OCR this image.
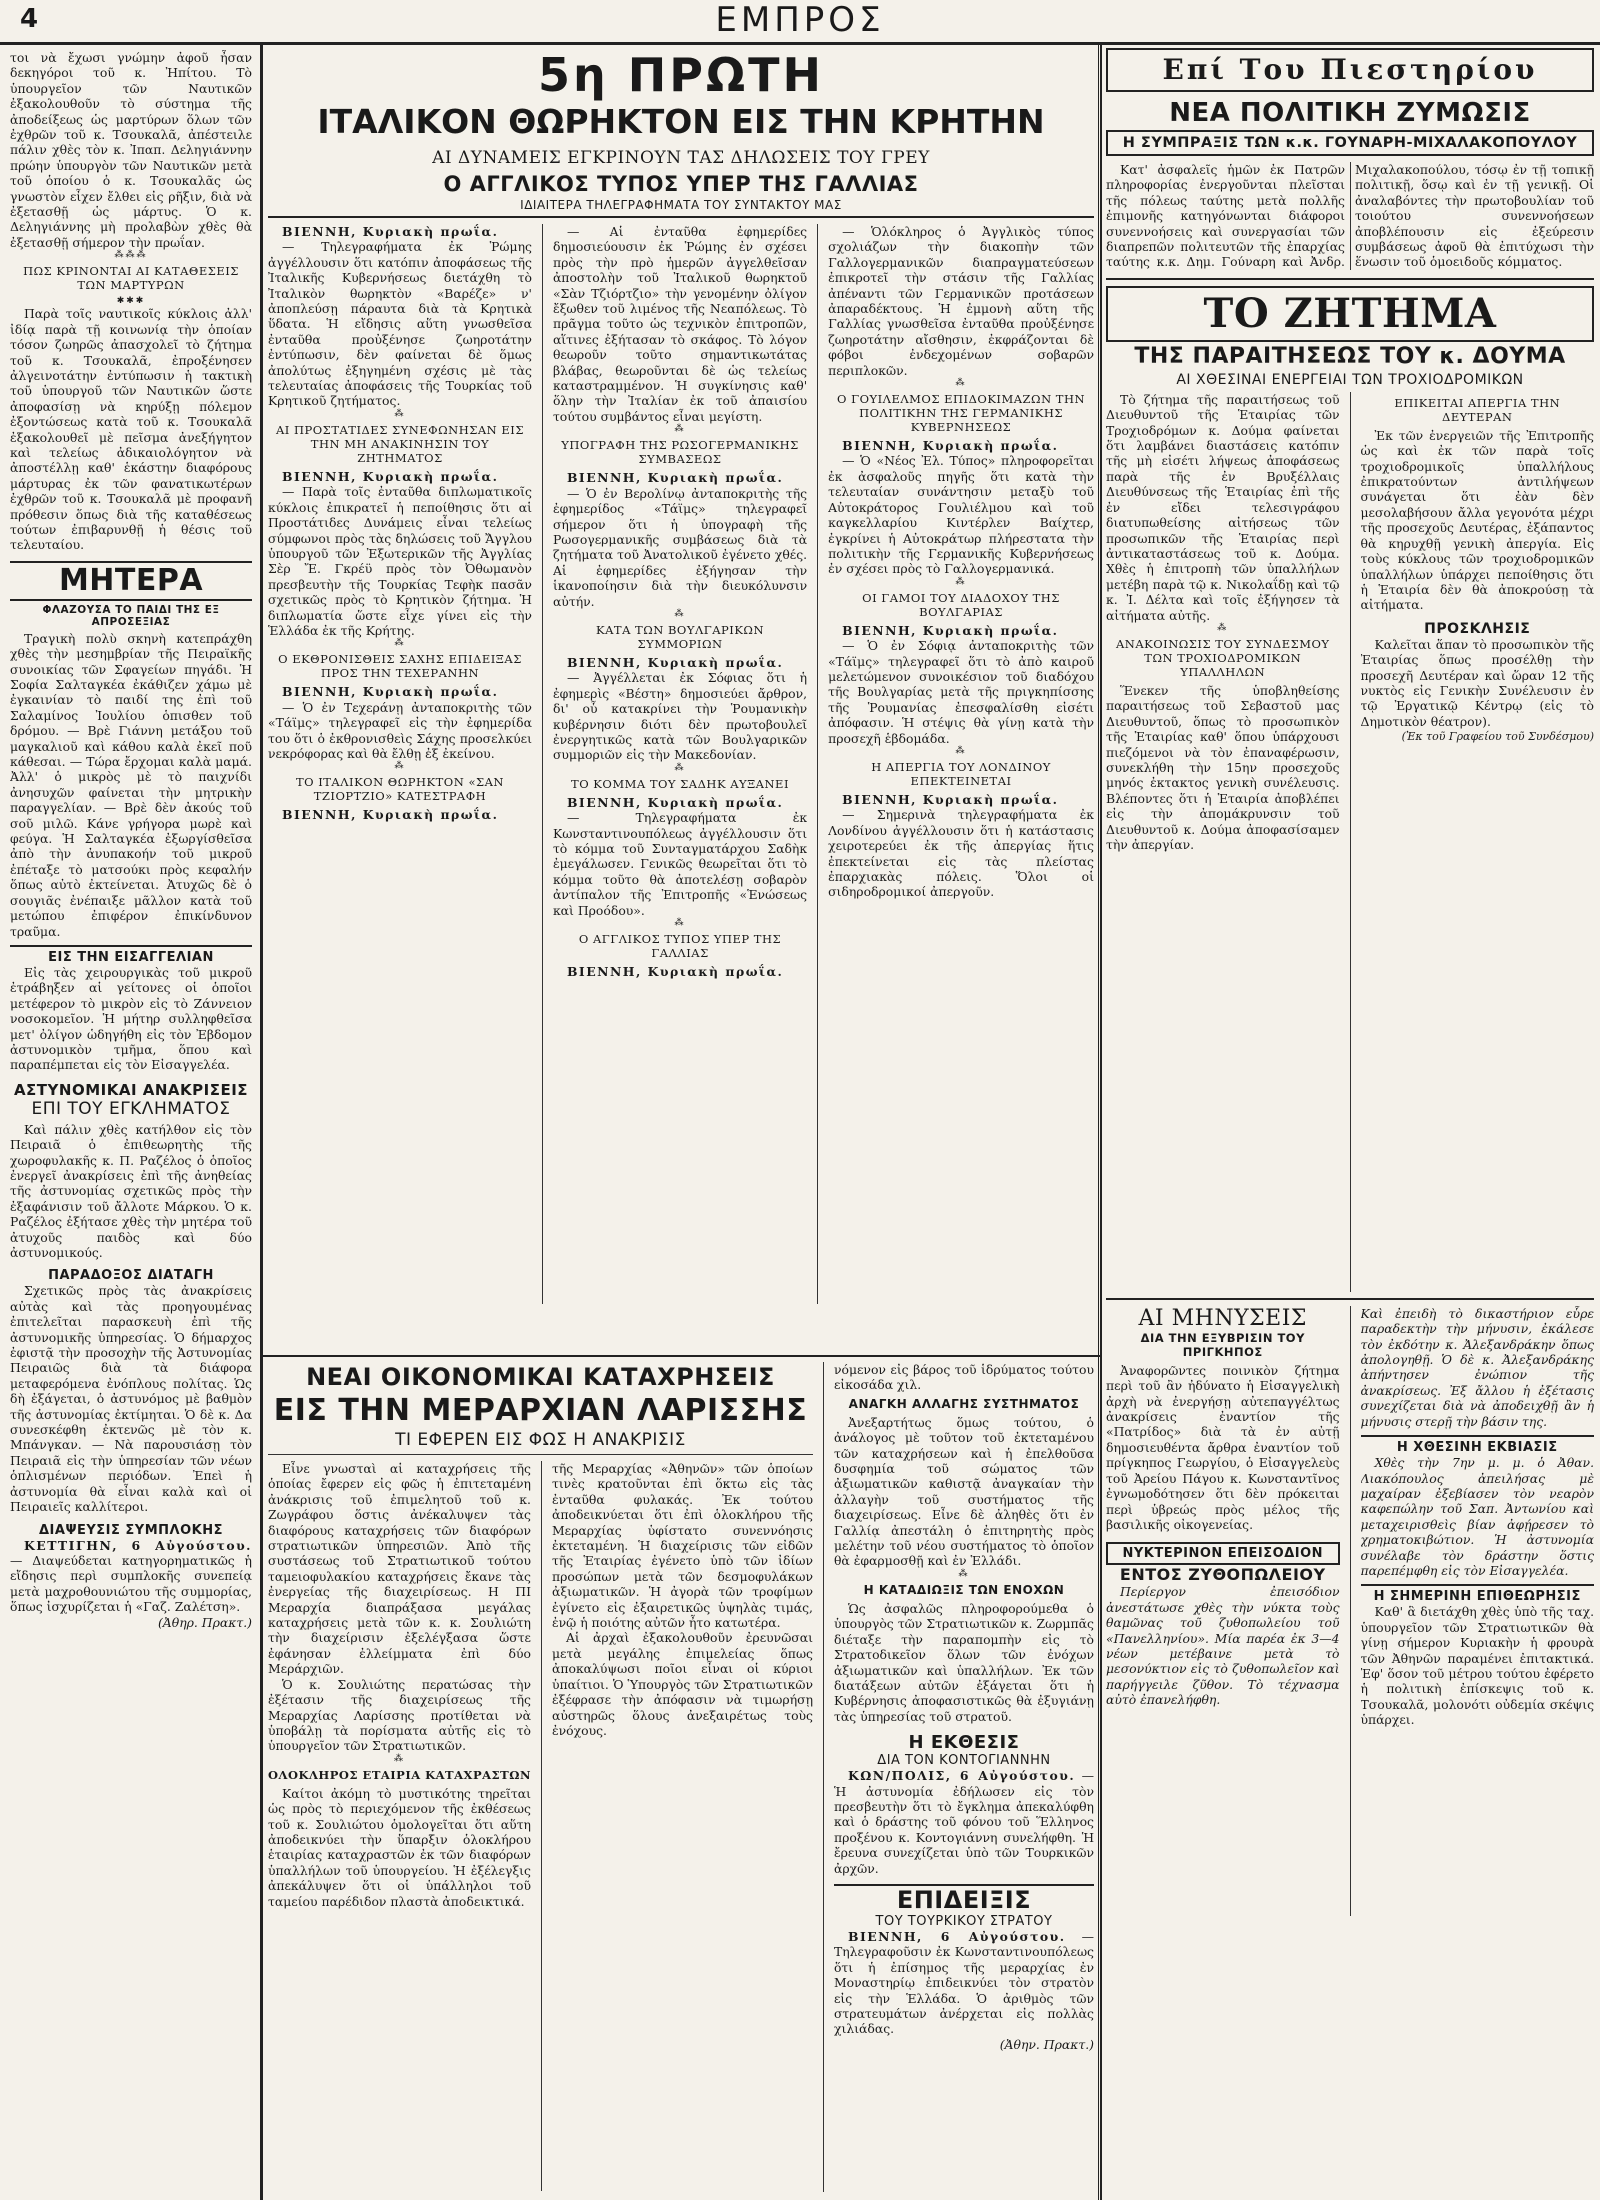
4	ΕΜΠΡΟΣ

τοι νὰ ἔχωσι γνώμην ἀφοῦ ἦσαν δεκηγόροι τοῦ κ. Ἠπίτου. Τὸ ὑπουργεῖον τῶν Ναυτικῶν ἐξακολουθοῦν τὸ σύστημα τῆς ἀποδείξεως ὡς μαρτύρων ὅλων τῶν ἐχθρῶν τοῦ κ. Τσουκαλᾶ, ἀπέστειλε πάλιν χθὲς τὸν κ. Ἰπαπ. Δεληγιάννην πρώην ὑπουργὸν τῶν Ναυτικῶν μετὰ τοῦ ὁποίου ὁ κ. Τσουκαλᾶς ὡς γνωστὸν εἶχεν ἔλθει εἰς ρῆξιν, διὰ νὰ ἐξετασθῇ ὡς μάρτυς. Ὁ κ. Δεληγιάννης μὴ προλαβὼν χθὲς θὰ ἐξετασθῇ σήμερον τὴν πρωΐαν.

⁂⁂⁂
ΠΩΣ ΚΡΙΝΟΝΤΑΙ ΑΙ ΚΑΤΑΘΕΣΕΙΣ ΤΩΝ ΜΑΡΤΥΡΩΝ
✱✱✱

Παρὰ τοῖς ναυτικοῖς κύκλοις ἀλλ' ἰδίᾳ παρὰ τῇ κοινωνίᾳ τὴν ὁποίαν τόσον ζωηρῶς ἀπασχολεῖ τὸ ζήτημα τοῦ κ. Τσουκαλᾶ, ἐπροξένησεν ἀλγεινοτάτην ἐντύπωσιν ἡ τακτικὴ τοῦ ὑπουργοῦ τῶν Ναυτικῶν ὥστε ἀποφασίσῃ νὰ κηρύξῃ πόλεμον ἐξοντώσεως κατὰ τοῦ κ. Τσουκαλᾶ ἐξακολουθεῖ μὲ πεῖσμα ἀνεξήγητον καὶ τελείως ἀδικαιολόγητον νὰ ἀποστέλλῃ καθ' ἑκάστην διαφόρους μάρτυρας ἐκ τῶν φανατικωτέρων ἐχθρῶν τοῦ κ. Τσουκαλᾶ μὲ προφανῆ πρόθεσιν ὅπως διὰ τῆς καταθέσεως τούτων ἐπιβαρυνθῇ ἡ θέσις τοῦ τελευταίου.

ΜΗΤΕΡΑ
ΦΛΑΖΟΥΣΑ ΤΟ ΠΑΙΔΙ ΤΗΣ ΕΞ ΑΠΡΟΣΕΞΙΑΣ

Τραγικὴ πολὺ σκηνὴ κατεπράχθη χθὲς τὴν μεσημβρίαν τῆς Πειραϊκῆς συνοικίας τῶν Σφαγείων πηγάδι. Ἡ Σοφία Σαλταγκέα ἐκάθιζεν χάμω μὲ ἐγκαινίαν τὸ παιδί της ἐπὶ τοῦ Σαλαμίνος Ἰουλίου ὁπισθεν τοῦ δρόμου. — Βρὲ Γιάννη μετάξου τοῦ μαγκαλιοῦ καὶ κάθου καλὰ ἐκεῖ ποῦ κάθεσαι. — Τώρα ἔρχομαι καλὰ μαμά. Ἀλλ' ὁ μικρὸς μὲ τὸ παιχνίδι ἀνησυχῶν φαίνεται τὴν μητρικὴν παραγγελίαν. — Βρὲ δὲν ἀκούς τοῦ σοῦ μιλῶ. Κάνε γρήγορα μωρὲ καὶ φεύγα. Ἡ Σαλταγκέα ἐξωργίσθεῖσα ἀπὸ τὴν ἀνυπακοήν τοῦ μικροῦ ἐπέταξε τὸ ματσούκι πρὸς κεφαλήν ὅπως αὐτὸ ἐκτείνεται. Ἀτυχῶς δὲ ὁ σουγιᾶς ἐνέπαιξε μᾶλλον κατὰ τοῦ μετώπου ἐπιφέρον ἐπικίνδυνον τραῦμα.

ΕΙΣ ΤΗΝ ΕΙΣΑΓΓΕΛΙΑΝ

Εἰς τὰς χειρουργικὰς τοῦ μικροῦ ἐτράβηξεν αἱ γείτονες οἱ ὁποῖοι μετέφερον τὸ μικρὸν εἰς τὸ Ζάννειον νοσοκομεῖον. Ἡ μήτηρ συλληφθεῖσα μετ' ὀλίγον ὡδηγήθη εἰς τὸν Ἐβδομον ἀστυνομικὸν τμῆμα, ὅπου καὶ παραπέμπεται εἰς τὸν Εἰσαγγελέα.

ΑΣΤΥΝΟΜΙΚΑΙ ΑΝΑΚΡΙΣΕΙΣ
ΕΠΙ ΤΟΥ ΕΓΚΛΗΜΑΤΟΣ

Καὶ πάλιν χθὲς κατήλθον εἰς τὸν Πειραιᾶ ὁ ἐπιθεωρητὴς τῆς χωροφυλακῆς κ. Π. Ραζέλος ὁ ὁποῖος ἐνεργεῖ ἀνακρίσεις ἐπὶ τῆς ἀνηθείας τῆς ἀστυνομίας σχετικῶς πρὸς τὴν ἐξαφάνισιν τοῦ ἄλλοτε Μάρκου. Ὁ κ. Ραζέλος ἐξήτασε χθὲς τὴν μητέρα τοῦ ἀτυχοῦς παιδὸς καὶ δύο ἀστυνομικούς.

ΠΑΡΑΔΟΞΟΣ ΔΙΑΤΑΓΗ

Σχετικῶς πρὸς τὰς ἀνακρίσεις αὐτὰς καὶ τὰς προηγουμένας ἐπιτελεῖται παρασκευὴ ἐπὶ τῆς ἀστυνομικῆς ὑπηρεσίας. Ὁ δήμαρχος ἐφιστᾷ τὴν προσοχὴν τῆς Ἀστυνομίας Πειραιῶς διὰ τὰ διάφορα μεταφερόμενα ἐνόπλους πολίτας. Ὡς δὴ ἐξάγεται, ὁ ἀστυνόμος μὲ βαθμὸν τῆς ἀστυνομίας ἐκτίμηται. Ὁ δὲ κ. Δα συνεσκέφθη ἐκτενῶς μὲ τὸν κ. Μπάνγκαν. — Νὰ παρουσιάσῃ τὸν Πειραιᾶ εἰς τὴν ὑπηρεσίαν τῶν νέων ὁπλισμένων περιόδων. Ἐπεὶ ἡ ἀστυνομία θὰ εἶναι καλὰ καὶ οἱ Πειραιεῖς καλλίτεροι.

ΔΙΑΨΕΥΣΙΣ ΣΥΜΠΛΟΚΗΣ

ΚΕΤΤΙΓΗΝ, 6 Αὐγούστου. — Διαψεύδεται κατηγορηματικῶς ἡ εἴδησις περὶ συμπλοκῆς συνεπείᾳ μετὰ μαχροθουνιώτου τῆς συμμορίας, ὅπως ἰσχυρίζεται ἡ «Γαζ. Ζαλέτση».

(Ἀθηρ. Πρακτ.)
5η ΠΡΩΤΗ
ΙΤΑΛΙΚΟΝ ΘΩΡΗΚΤΟΝ ΕΙΣ ΤΗΝ ΚΡΗΤΗΝ
ΑΙ ΔΥΝΑΜΕΙΣ ΕΓΚΡΙΝΟΥΝ ΤΑΣ ΔΗΛΩΣΕΙΣ ΤΟΥ ΓΡΕΥ
Ο ΑΓΓΛΙΚΟΣ ΤΥΠΟΣ ΥΠΕΡ ΤΗΣ ΓΑΛΛΙΑΣ
ΙΔΙΑΙΤΕΡΑ ΤΗΛΕΓΡΑΦΗΜΑΤΑ ΤΟΥ ΣΥΝΤΑΚΤΟΥ ΜΑΣ

ΒΙΕΝΝΗ, Κυριακὴ πρωΐα.

— Τηλεγραφήματα ἐκ Ῥώμης ἀγγέλλουσιν ὅτι κατόπιν ἀποφάσεως τῆς Ἰταλικῆς Κυβερνήσεως διετάχθη τὸ Ἰταλικὸν θωρηκτὸν «Βαρέζε» ν' ἀποπλεύσῃ πάραυτα διὰ τὰ Κρητικὰ ὕδατα. Ἡ εἴδησις αὕτη γνωσθεῖσα ἐνταῦθα προὐξένησε ζωηροτάτην ἐντύπωσιν, δὲν φαίνεται δὲ ὅμως ἀπολύτως ἐξηγημένη σχέσις μὲ τὰς τελευταίας ἀποφάσεις τῆς Τουρκίας τοῦ Κρητικοῦ ζητήματος.

⁂
ΑΙ ΠΡΟΣΤΑΤΙΔΕΣ ΣΥΝΕΦΩΝΗΣΑΝ ΕΙΣ ΤΗΝ ΜΗ ΑΝΑΚΙΝΗΣΙΝ ΤΟΥ ΖΗΤΗΜΑΤΟΣ

ΒΙΕΝΝΗ, Κυριακὴ πρωΐα.

— Παρὰ τοῖς ἐνταῦθα διπλωματικοῖς κύκλοις ἐπικρατεῖ ἡ πεποίθησις ὅτι αἱ Προστάτιδες Δυνάμεις εἶναι τελείως σύμφωνοι πρὸς τὰς δηλώσεις τοῦ Ἄγγλου ὑπουργοῦ τῶν Ἐξωτερικῶν τῆς Ἀγγλίας Σὲρ Ἔ. Γκρέϋ πρὸς τὸν Ὀθωμανὸν πρεσβευτὴν τῆς Τουρκίας Τεφὴκ πασᾶν σχετικῶς πρὸς τὸ Κρητικὸν ζήτημα. Ἡ διπλωματία ὥστε εἶχε γίνει εἰς τὴν Ἑλλάδα ἐκ τῆς Κρήτης.

⁂
Ο ΕΚΘΡΟΝΙΣΘΕΙΣ ΣΑΧΗΣ ΕΠΙΔΕΙΞΑΣ ΠΡΟΣ ΤΗΝ ΤΕΧΕΡΑΝΗΝ

ΒΙΕΝΝΗ, Κυριακὴ πρωΐα.

— Ὁ ἐν Τεχεράνῃ ἀνταποκριτὴς τῶν «Τάϊμς» τηλεγραφεῖ εἰς τὴν ἐφημερίδα του ὅτι ὁ ἐκθρονισθεὶς Σάχης προσελκύει νεκρόφορας καὶ θὰ ἔλθῃ ἐξ ἐκείνου.

⁂
ΤΟ ΙΤΑΛΙΚΟΝ ΘΩΡΗΚΤΟΝ «ΣΑΝ ΤΖΙΟΡΤΖΙΟ» ΚΑΤΕΣΤΡΑΦΗ

ΒΙΕΝΝΗ, Κυριακὴ πρωΐα.

— Αἱ ἐνταῦθα ἐφημερίδες δημοσιεύουσιν ἐκ Ῥώμης ἐν σχέσει πρὸς τὴν πρὸ ἡμερῶν ἀγγελθεῖσαν ἀποστολὴν τοῦ Ἰταλικοῦ θωρηκτοῦ «Σὰν Τζιόρτζιο» τὴν γενομένην ὀλίγον ἔξωθεν τοῦ λιμένος τῆς Νεαπόλεως. Τὸ πρᾶγμα τοῦτο ὡς τεχνικὸν ἐπιτροπῶν, αἵτινες ἐξήτασαν τὸ σκάφος. Τὸ λόγον θεωροῦν τοῦτο σημαντικωτάτας βλάβας, θεωροῦνται δὲ ὡς τελείως καταστραμμένον. Ἡ συγκίνησις καθ' ὅλην τὴν Ἰταλίαν ἐκ τοῦ ἀπαισίου τούτου συμβάντος εἶναι μεγίστη.

⁂
ΥΠΟΓΡΑΦΗ ΤΗΣ ΡΩΣΟΓΕΡΜΑΝΙΚΗΣ ΣΥΜΒΑΣΕΩΣ

ΒΙΕΝΝΗ, Κυριακὴ πρωΐα.

— Ὁ ἐν Βερολίνῳ ἀνταποκριτὴς τῆς ἐφημερίδος «Τάϊμς» τηλεγραφεῖ σήμερον ὅτι ἡ ὑπογραφὴ τῆς Ρωσογερμανικῆς συμβάσεως διὰ τὰ ζητήματα τοῦ Ἀνατολικοῦ ἐγένετο χθές. Αἱ ἐφημερίδες ἐξήγησαν τὴν ἱκανοποίησιν διὰ τὴν διευκόλυνσιν αὐτήν.

⁂
ΚΑΤΑ ΤΩΝ ΒΟΥΛΓΑΡΙΚΩΝ ΣΥΜΜΟΡΙΩΝ

ΒΙΕΝΝΗ, Κυριακὴ πρωΐα.

— Ἀγγέλλεται ἐκ Σόφιας ὅτι ἡ ἐφημερὶς «Βέστη» δημοσιεύει ἄρθρον, δι' οὗ κατακρίνει τὴν Ῥουμανικὴν κυβέρνησιν διότι δὲν πρωτοβουλεῖ ἐνεργητικῶς κατὰ τῶν Βουλγαρικῶν συμμοριῶν εἰς τὴν Μακεδονίαν.

⁂
ΤΟ ΚΟΜΜΑ ΤΟΥ ΣΑΔΗΚ ΑΥΞΑΝΕΙ

ΒΙΕΝΝΗ, Κυριακὴ πρωΐα.

— Τηλεγραφήματα ἐκ Κωνσταντινουπόλεως ἀγγέλλουσιν ὅτι τὸ κόμμα τοῦ Συνταγματάρχου Σαδὴκ ἐμεγάλωσεν. Γενικῶς θεωρεῖται ὅτι τὸ κόμμα τοῦτο θὰ ἀποτελέσῃ σοβαρὸν ἀντίπαλον τῆς Ἐπιτροπῆς «Ἑνώσεως καὶ Προόδου».

⁂
Ο ΑΓΓΛΙΚΟΣ ΤΥΠΟΣ ΥΠΕΡ ΤΗΣ ΓΑΛΛΙΑΣ

ΒΙΕΝΝΗ, Κυριακὴ πρωΐα.

— Ὁλόκληρος ὁ Ἀγγλικὸς τύπος σχολιάζων τὴν διακοπὴν τῶν Γαλλογερμανικῶν διαπραγματεύσεων ἐπικροτεῖ τὴν στάσιν τῆς Γαλλίας ἀπέναντι τῶν Γερμανικῶν προτάσεων ἀπαραδέκτους. Ἡ ἐμμονὴ αὕτη τῆς Γαλλίας γνωσθεῖσα ἐνταῦθα προὐξένησε ζωηροτάτην αἴσθησιν, ἐκφράζονται δὲ φόβοι ἐνδεχομένων σοβαρῶν περιπλοκῶν.

⁂
Ο ΓΟΥΙΛΕΛΜΟΣ ΕΠΙΔΟΚΙΜΑΖΩΝ ΤΗΝ ΠΟΛΙΤΙΚΗΝ ΤΗΣ ΓΕΡΜΑΝΙΚΗΣ ΚΥΒΕΡΝΗΣΕΩΣ

ΒΙΕΝΝΗ, Κυριακὴ πρωΐα.

— Ὁ «Νέος Ἐλ. Τύπος» πληροφορεῖται ἐκ ἀσφαλοῦς πηγῆς ὅτι κατὰ τὴν τελευταίαν συνάντησιν μεταξὺ τοῦ Αὐτοκράτορος Γουλιέλμου καὶ τοῦ καγκελλαρίου Κιντέρλεν Βαίχτερ, ἐγκρίνει ἡ Αὐτοκράτωρ πλήρεστατα τὴν πολιτικὴν τῆς Γερμανικῆς Κυβερνήσεως ἐν σχέσει πρὸς τὸ Γαλλογερμανικά.

⁂
ΟΙ ΓΑΜΟΙ ΤΟΥ ΔΙΑΔΟΧΟΥ ΤΗΣ ΒΟΥΛΓΑΡΙΑΣ

ΒΙΕΝΝΗ, Κυριακὴ πρωΐα.

— Ὁ ἐν Σόφιᾳ ἀνταποκριτὴς τῶν «Τάϊμς» τηλεγραφεῖ ὅτι τὸ ἀπὸ καιροῦ μελετώμενον συνοικέσιον τοῦ διαδόχου τῆς Βουλγαρίας μετὰ τῆς πριγκηπίσσης τῆς Ῥουμανίας ἐπεσφαλίσθη εἰσέτι ἀπόφασιν. Ἡ στέψις θὰ γίνῃ κατὰ τὴν προσεχῆ ἑβδομάδα.

⁂
Η ΑΠΕΡΓΙΑ ΤΟΥ ΛΟΝΔΙΝΟΥ ΕΠΕΚΤΕΙΝΕΤΑΙ

ΒΙΕΝΝΗ, Κυριακὴ πρωΐα.

— Σημερινὰ τηλεγραφήματα ἐκ Λονδίνου ἀγγέλλουσιν ὅτι ἡ κατάστασις χειροτερεύει ἐκ τῆς ἀπεργίας ἥτις ἐπεκτείνεται εἰς τὰς πλείστας ἐπαρχιακὰς πόλεις. Ὅλοι οἱ σιδηροδρομικοί ἀπεργοῦν.

ΝΕΑΙ ΟΙΚΟΝΟΜΙΚΑΙ ΚΑΤΑΧΡΗΣΕΙΣ
ΕΙΣ ΤΗΝ ΜΕΡΑΡΧΙΑΝ ΛΑΡΙΣΣΗΣ
ΤΙ ΕΦΕΡΕΝ ΕΙΣ ΦΩΣ Η ΑΝΑΚΡΙΣΙΣ

Εἶνε γνωσταὶ αἱ καταχρήσεις τῆς ὁποίας ἔφερεν εἰς φῶς ἡ ἐπιτεταμένη ἀνάκρισις τοῦ ἐπιμελητοῦ τοῦ κ. Ζωγράφου ὅστις ἀνέκαλυψεν τὰς διαφόρους καταχρήσεις τῶν διαφόρων στρατιωτικῶν ὑπηρεσιῶν. Ἀπὸ τῆς συστάσεως τοῦ Στρατιωτικοῦ τούτου ταμειοφυλακίου καταχρήσεις ἔκανε τὰς ἐνεργείας τῆς διαχειρίσεως. Η ΠΙ Μεραρχία διαπράξασα μεγάλας καταχρήσεις μετὰ τῶν κ. κ. Σουλιώτη τὴν διαχείρισιν ἐξελέγξασα ὥστε ἐφάνησαν ἐλλείμματα ἐπὶ δύο Μεράρχιῶν.

Ὁ κ. Σουλιώτης περατώσας τὴν ἐξέτασιν τῆς διαχειρίσεως τῆς Μεραρχίας Λαρίσσης προτίθεται νὰ ὑποβάλῃ τὰ πορίσματα αὐτῆς εἰς τὸ ὑπουργεῖον τῶν Στρατιωτικῶν.

⁂
ΟΛΟΚΛΗΡΟΣ ΕΤΑΙΡΙΑ ΚΑΤΑΧΡΑΣΤΩΝ

Καίτοι ἀκόμη τὸ μυστικότης τηρεῖται ὡς πρὸς τὸ περιεχόμενον τῆς ἐκθέσεως τοῦ κ. Σουλιώτου ὁμολογεῖται ὅτι αὕτη ἀποδεικνύει τὴν ὕπαρξιν ὁλοκλήρου ἑταιρίας καταχραστῶν ἐκ τῶν διαφόρων ὑπαλλήλων τοῦ ὑπουργείου. Ἡ ἐξέλεγξις ἀπεκάλυψεν ὅτι οἱ ὑπάλληλοι τοῦ ταμείου παρέδιδον πλαστὰ ἀποδεικτικά.

τῆς Μεραρχίας «Ἀθηνῶν» τῶν ὁποίων τινὲς κρατοῦνται ἐπὶ ὅκτω εἰς τὰς ἐνταῦθα φυλακάς. Ἐκ τούτου ἀποδεικνύεται ὅτι ἐπὶ ὁλοκλήρου τῆς Μεραρχίας ὑφίστατο συνεννόησις ἐκτεταμένη. Ἡ διαχείρισις τῶν εἰδῶν τῆς Ἑταιρίας ἐγένετο ὑπὸ τῶν ἰδίων προσώπων μετὰ τῶν δεσμοφυλάκων ἀξιωματικῶν. Ἡ ἀγορὰ τῶν τροφίμων ἐγίνετο εἰς ἐξαιρετικῶς ὑψηλὰς τιμάς, ἐνῷ ἡ ποιότης αὐτῶν ἦτο κατωτέρα.

Αἱ ἀρχαὶ ἐξακολουθοῦν ἐρευνῶσαι μετὰ μεγάλης ἐπιμελείας ὅπως ἀποκαλύψωσι ποῖοι εἶναι οἱ κύριοι ὑπαίτιοι. Ὁ Ὑπουργὸς τῶν Στρατιωτικῶν ἐξέφρασε τὴν ἀπόφασιν νὰ τιμωρήσῃ αὐστηρῶς ὅλους ἀνεξαιρέτως τοὺς ἐνόχους.

νόμενον εἰς βάρος τοῦ ἱδρύματος τούτου εἰκοσάδα χιλ.

ΑΝΑΓΚΗ ΑΛΛΑΓΗΣ ΣΥΣΤΗΜΑΤΟΣ

Ἀνεξαρτήτως ὅμως τούτου, ὁ ἀνάλογος μὲ τοῦτον τοῦ ἐκτεταμένου τῶν καταχρήσεων καὶ ἡ ἐπελθοῦσα δυσφημία τοῦ σώματος τῶν ἀξιωματικῶν καθιστᾷ ἀναγκαίαν τὴν ἀλλαγὴν τοῦ συστήματος τῆς διαχειρίσεως. Εἶνε δὲ ἀληθὲς ὅτι ἐν Γαλλίᾳ ἀπεστάλη ὁ ἐπιτηρητὴς πρὸς μελέτην τοῦ νέου συστήματος τὸ ὁποῖον θὰ ἐφαρμοσθῇ καὶ ἐν Ἑλλάδι.

⁂
Η ΚΑΤΑΔΙΩΞΙΣ ΤΩΝ ΕΝΟΧΩΝ

Ὡς ἀσφαλῶς πληροφορούμεθα ὁ ὑπουργὸς τῶν Στρατιωτικῶν κ. Ζωρμπᾶς διέταξε τὴν παραπομπὴν εἰς τὸ Στρατοδικεῖον ὅλων τῶν ἐνόχων ἀξιωματικῶν καὶ ὑπαλλήλων. Ἐκ τῶν διατάξεων αὐτῶν ἐξάγεται ὅτι ἡ Κυβέρνησις ἀποφασιστικῶς θὰ ἐξυγιάνῃ τὰς ὑπηρεσίας τοῦ στρατοῦ.

Η ΕΚΘΕΣΙΣ
ΔΙΑ ΤΟΝ ΚΟΝΤΟΓΙΑΝΝΗΝ

ΚΩΝ/ΠΟΛΙΣ, 6 Αὐγούστου. — Ἡ ἀστυνομία ἐδήλωσεν εἰς τὸν πρεσβευτὴν ὅτι τὸ ἔγκλημα ἀπεκαλύφθη καὶ ὁ δράστης τοῦ φόνου τοῦ Ἕλληνος προξένου κ. Κοντογιάννη συνελήφθη. Ἡ ἔρευνα συνεχίζεται ὑπὸ τῶν Τουρκικῶν ἀρχῶν.

ΕΠΙΔΕΙΞΙΣ
ΤΟΥ ΤΟΥΡΚΙΚΟΥ ΣΤΡΑΤΟΥ

ΒΙΕΝΝΗ, 6 Αὐγούστου. — Τηλεγραφοῦσιν ἐκ Κωνσταντινουπόλεως ὅτι ἡ ἐπίσημος τῆς μεραρχίας ἐν Μοναστηρίῳ ἐπιδεικνύει τὸν στρατὸν εἰς τὴν Ἑλλάδα. Ὁ ἀριθμὸς τῶν στρατευμάτων ἀνέρχεται εἰς πολλὰς χιλιάδας.

(Ἀθην. Πρακτ.)
Επί Του Πιεστηρίου
ΝΕΑ ΠΟΛΙΤΙΚΗ ΖΥΜΩΣΙΣ
Η ΣΥΜΠΡΑΞΙΣ ΤΩΝ κ.κ. ΓΟΥΝΑΡΗ-ΜΙΧΑΛΑΚΟΠΟΥΛΟΥ

Κατ' ἀσφαλεῖς ἡμῶν ἐκ Πατρῶν πληροφορίας ἐνεργοῦνται πλεῖσται τῆς πόλεως ταύτης μετὰ πολλῆς ἐπιμονῆς κατηγόνωνται διάφοροι συνεννοήσεις καὶ συνεργασίαι τῶν διαπρεπῶν πολιτευτῶν τῆς ἐπαρχίας ταύτης κ.κ. Δημ. Γούναρη καὶ Ἀνδρ. Μιχαλακοπούλου, τόσῳ ἐν τῇ τοπικῇ πολιτικῇ, ὅσῳ καὶ ἐν τῇ γενικῇ. Οἱ ἀναλαβόντες τὴν πρωτοβουλίαν τοῦ τοιούτου συνεννοήσεων ἀποβλέπουσιν εἰς ἐξεύρεσιν συμβάσεως ἀφοῦ θὰ ἐπιτύχωσι τὴν ἕνωσιν τοῦ ὁμοειδοῦς κόμματος.

ΤΟ ΖΗΤΗΜΑ
ΤΗΣ ΠΑΡΑΙΤΗΣΕΩΣ ΤΟΥ κ. ΔΟΥΜΑ
ΑΙ ΧΘΕΣΙΝΑΙ ΕΝΕΡΓΕΙΑΙ ΤΩΝ ΤΡΟΧΙΟΔΡΟΜΙΚΩΝ

Τὸ ζήτημα τῆς παραιτήσεως τοῦ Διευθυντοῦ τῆς Ἑταιρίας τῶν Τροχιοδρόμων κ. Δούμα φαίνεται ὅτι λαμβάνει διαστάσεις κατόπιν τῆς μὴ εἰσέτι λήψεως ἀποφάσεως παρὰ τῆς ἐν Βρυξέλλαις Διευθύνσεως τῆς Ἑταιρίας ἐπὶ τῆς ἐν εἴδει τελεσιγράφου διατυπωθείσης αἰτήσεως τῶν προσωπικῶν τῆς Ἑταιρίας περὶ ἀντικαταστάσεως τοῦ κ. Δούμα. Χθὲς ἡ ἐπιτροπὴ τῶν ὑπαλλήλων μετέβη παρὰ τῷ κ. Νικολαΐδῃ καὶ τῷ κ. Ἰ. Δέλτα καὶ τοῖς ἐξήγησεν τὰ αἰτήματα αὐτῆς.

⁂
ΑΝΑΚΟΙΝΩΣΙΣ ΤΟΥ ΣΥΝΔΕΣΜΟΥ ΤΩΝ ΤΡΟΧΙΟΔΡΟΜΙΚΩΝ ΥΠΑΛΛΗΛΩΝ

Ἕνεκεν τῆς ὑποβληθείσης παραιτήσεως τοῦ Σεβαστοῦ μας Διευθυντοῦ, ὅπως τὸ προσωπικὸν τῆς Ἑταιρίας καθ' ὅπου ὑπάρχουσι πιεζόμενοι νὰ τὸν ἐπαναφέρωσιν, συνεκλήθη τὴν 15ην προσεχοῦς μηνός ἐκτακτος γενικὴ συνέλευσις. Βλέποντες ὅτι ἡ Ἑταιρία ἀποβλέπει εἰς τὴν ἀπομάκρυνσιν τοῦ Διευθυντοῦ κ. Δούμα ἀποφασίσαμεν τὴν ἀπεργίαν.

ΕΠΙΚΕΙΤΑΙ ΑΠΕΡΓΙΑ ΤΗΝ ΔΕΥΤΕΡΑΝ

Ἐκ τῶν ἐνεργειῶν τῆς Ἐπιτροπῆς ὡς καὶ ἐκ τῶν παρὰ τοῖς τροχιοδρομικοῖς ὑπαλλήλους ἐπικρατούντων ἀντιλήψεων συνάγεται ὅτι ἐὰν δὲν μεσολαβήσουν ἄλλα γεγονότα μέχρι τῆς προσεχοῦς Δευτέρας, ἐξάπαντος θὰ κηρυχθῇ γενικὴ ἀπεργία. Εἰς τοὺς κύκλους τῶν τροχιοδρομικῶν ὑπαλλήλων ὑπάρχει πεποίθησις ὅτι ἡ Ἑταιρία δὲν θὰ ἀποκρούσῃ τὰ αἰτήματα.

ΠΡΟΣΚΛΗΣΙΣ

Καλεῖται ἅπαν τὸ προσωπικὸν τῆς Ἑταιρίας ὅπως προσέλθῃ τὴν προσεχῆ Δευτέραν καὶ ὥραν 12 τῆς νυκτὸς εἰς Γενικὴν Συνέλευσιν ἐν τῷ Ἐργατικῷ Κέντρῳ (εἰς τὸ Δημοτικὸν θέατρον).

(Ἐκ τοῦ Γραφείου τοῦ Συνδέσμου)
ΑΙ ΜΗΝΥΣΕΙΣ
ΔΙΑ ΤΗΝ ΕΞΥΒΡΙΣΙΝ ΤΟΥ ΠΡΙΓΚΗΠΟΣ

Ἀναφορῶντες ποινικὸν ζήτημα περὶ τοῦ ἂν ἠδύνατο ἡ Εἰσαγγελικὴ ἀρχὴ νὰ ἐνεργήσῃ αὐτεπαγγέλτως ἀνακρίσεις ἐναντίον τῆς «Πατρίδος» διὰ τὰ ἐν αὐτῇ δημοσιευθέντα ἄρθρα ἐναντίον τοῦ πρίγκηπος Γεωργίου, ὁ Εἰσαγγελεὺς τοῦ Ἀρείου Πάγου κ. Κωνσταντῖνος ἐγνωμοδότησεν ὅτι δὲν πρόκειται περὶ ὑβρεώς πρὸς μέλος τῆς βασιλικῆς οἰκογενείας.

ΝΥΚΤΕΡΙΝΟΝ ΕΠΕΙΣΟΔΙΟΝ
ΕΝΤΟΣ ΖΥΘΟΠΩΛΕΙΟΥ

Περίεργον ἐπεισόδιον ἀνεστάτωσε χθὲς τὴν νύκτα τοὺς θαμῶνας τοῦ ζυθοπωλείου τοῦ «Πανελληνίου». Μία παρέα ἐκ 3—4 νέων μετέβαινε μετὰ τὸ μεσονύκτιον εἰς τὸ ζυθοπωλεῖον καὶ παρήγγειλε ζῦθον. Τὸ τέχνασμα αὐτὸ ἐπανελήφθη.

Καὶ ἐπειδὴ τὸ δικαστήριον εὗρε παραδεκτὴν τὴν μήνυσιν, ἐκάλεσε τὸν ἐκδότην κ. Ἀλεξανδράκην ὅπως ἀπολογηθῇ. Ὁ δὲ κ. Ἀλεξανδράκης ἀπήντησεν ἐνώπιον τῆς ἀνακρίσεως. Ἐξ ἄλλου ἡ ἐξέτασις συνεχίζεται διὰ νὰ ἀποδειχθῇ ἂν ἡ μήνυσις στερῇ τὴν βάσιν της.

Η ΧΘΕΣΙΝΗ ΕΚΒΙΑΣΙΣ

Χθὲς τὴν 7ην μ. μ. ὁ Ἀθαν. Λιακόπουλος ἀπειλήσας μὲ μαχαίραν ἐξεβίασεν τὸν νεαρὸν καφεπώλην τοῦ Σαπ. Ἀντωνίου καὶ μεταχειρισθεὶς βίαν ἀφῄρεσεν τὸ χρηματοκιβώτιον. Ἡ ἀστυνομία συνέλαβε τὸν δράστην ὅστις παρεπέμφθη εἰς τὸν Εἰσαγγελέα.

Η ΣΗΜΕΡΙΝΗ ΕΠΙΘΕΩΡΗΣΙΣ

Καθ' ἃ διετάχθη χθὲς ὑπὸ τῆς ταχ. ὑπουργεῖον τῶν Στρατιωτικῶν θὰ γίνῃ σήμερον Κυριακὴν ἡ φρουρὰ τῶν Ἀθηνῶν παραμένει ἐπιτακτικά. Ἐφ' ὅσον τοῦ μέτρου τούτου ἐφέρετο ἡ πολιτικὴ ἐπίσκεψις τοῦ κ. Τσουκαλᾶ, μολονότι οὐδεμία σκέψις ὑπάρχει.
